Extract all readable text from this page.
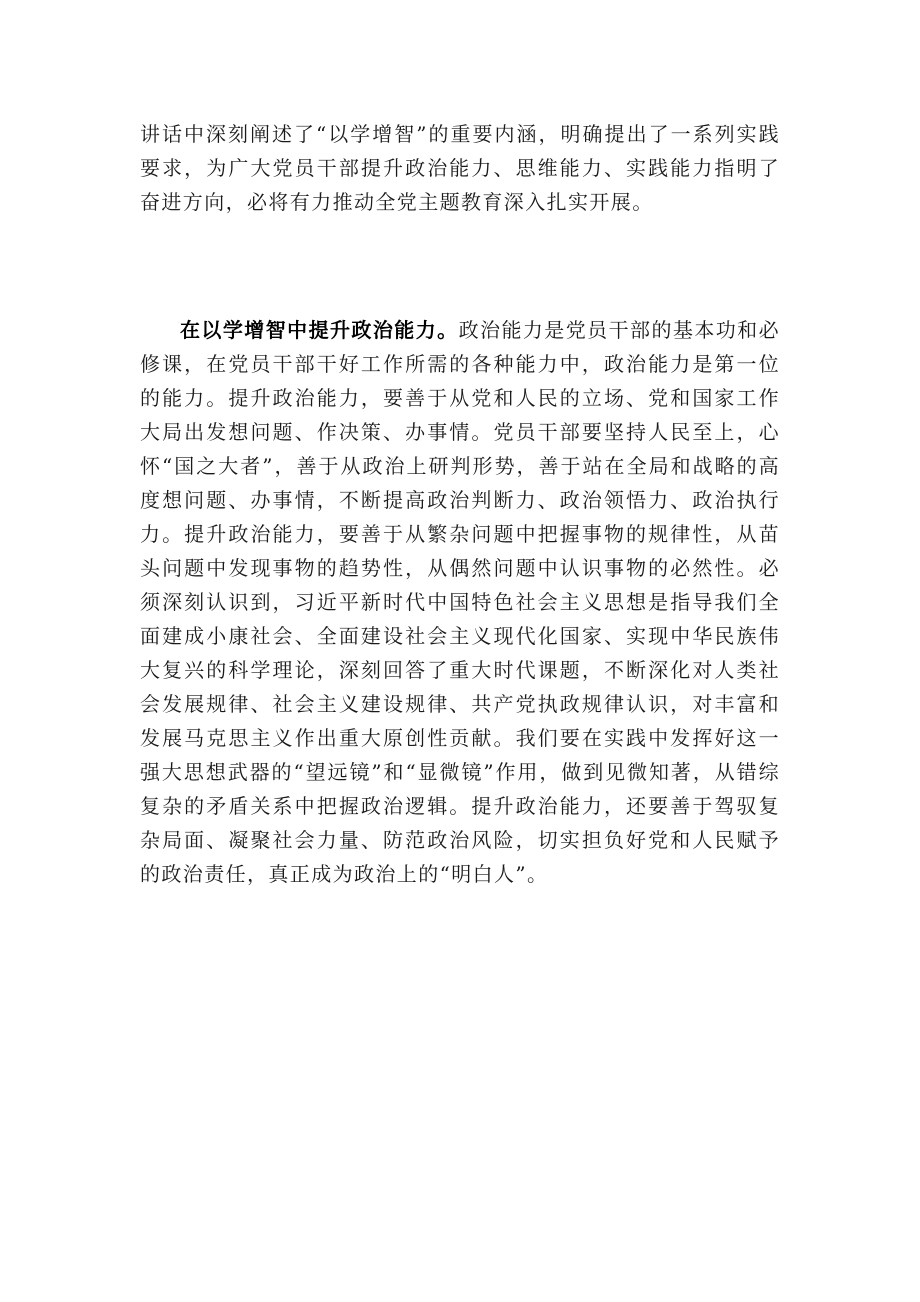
讲话中深刻阐述了“以学增智”的重要内涵，明确提出了一系列实践要求，为广大党员干部提升政治能力、思维能力、实践能力指明了奋进方向，必将有力推动全党主题教育深入扎实开展。

在以学增智中提升政治能力。政治能力是党员干部的基本功和必修课，在党员干部干好工作所需的各种能力中，政治能力是第一位的能力。提升政治能力，要善于从党和人民的立场、党和国家工作大局出发想问题、作决策、办事情。党员干部要坚持人民至上，心怀“国之大者”，善于从政治上研判形势，善于站在全局和战略的高度想问题、办事情，不断提高政治判断力、政治领悟力、政治执行力。提升政治能力，要善于从繁杂问题中把握事物的规律性，从苗头问题中发现事物的趋势性，从偶然问题中认识事物的必然性。必须深刻认识到，习近平新时代中国特色社会主义思想是指导我们全面建成小康社会、全面建设社会主义现代化国家、实现中华民族伟大复兴的科学理论，深刻回答了重大时代课题，不断深化对人类社会发展规律、社会主义建设规律、共产党执政规律认识，对丰富和发展马克思主义作出重大原创性贡献。我们要在实践中发挥好这一强大思想武器的“望远镜”和“显微镜”作用，做到见微知著，从错综复杂的矛盾关系中把握政治逻辑。提升政治能力，还要善于驾驭复杂局面、凝聚社会力量、防范政治风险，切实担负好党和人民赋予的政治责任，真正成为政治上的“明白人”。
